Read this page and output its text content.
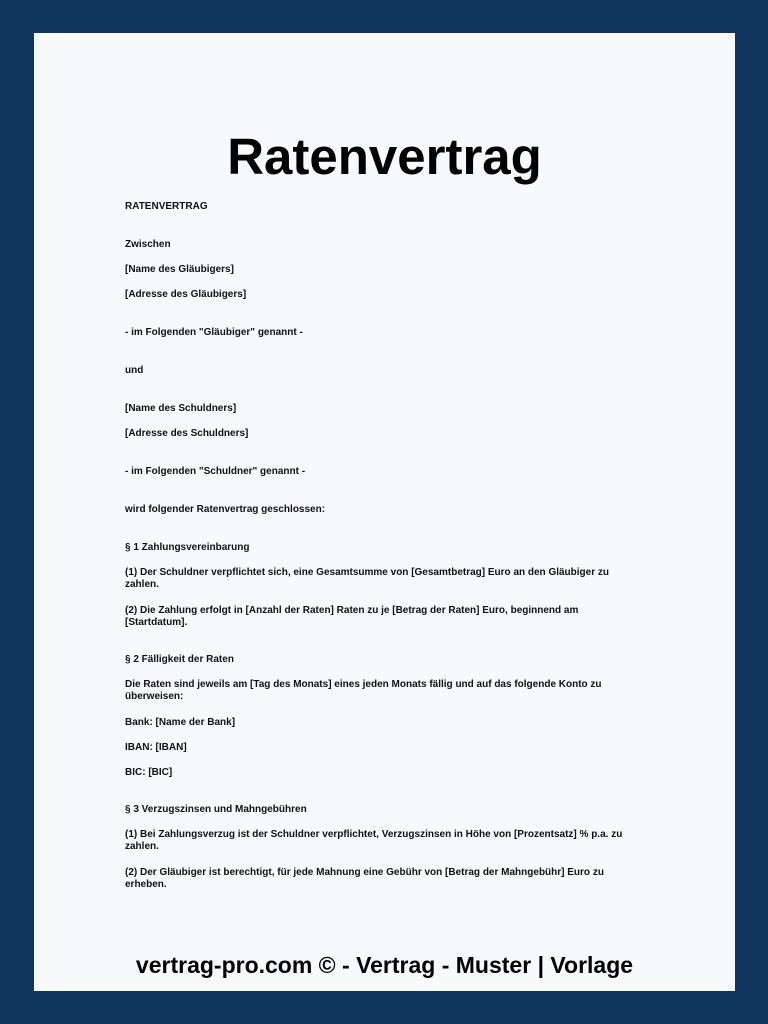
Ratenvertrag

RATENVERTRAG

Zwischen

[Name des Gläubigers]

[Adresse des Gläubigers]

- im Folgenden "Gläubiger" genannt -

und

[Name des Schuldners]

[Adresse des Schuldners]

- im Folgenden "Schuldner" genannt -

wird folgender Ratenvertrag geschlossen:

§ 1 Zahlungsvereinbarung

(1) Der Schuldner verpflichtet sich, eine Gesamtsumme von [Gesamtbetrag] Euro an den Gläubiger zu zahlen.

(2) Die Zahlung erfolgt in [Anzahl der Raten] Raten zu je [Betrag der Raten] Euro, beginnend am [Startdatum].

§ 2 Fälligkeit der Raten

Die Raten sind jeweils am [Tag des Monats] eines jeden Monats fällig und auf das folgende Konto zu überweisen:

Bank: [Name der Bank]

IBAN: [IBAN]

BIC: [BIC]

§ 3 Verzugszinsen und Mahngebühren

(1) Bei Zahlungsverzug ist der Schuldner verpflichtet, Verzugszinsen in Höhe von [Prozentsatz] % p.a. zu zahlen.

(2) Der Gläubiger ist berechtigt, für jede Mahnung eine Gebühr von [Betrag der Mahngebühr] Euro zu erheben.

vertrag-pro.com © - Vertrag - Muster | Vorlage
